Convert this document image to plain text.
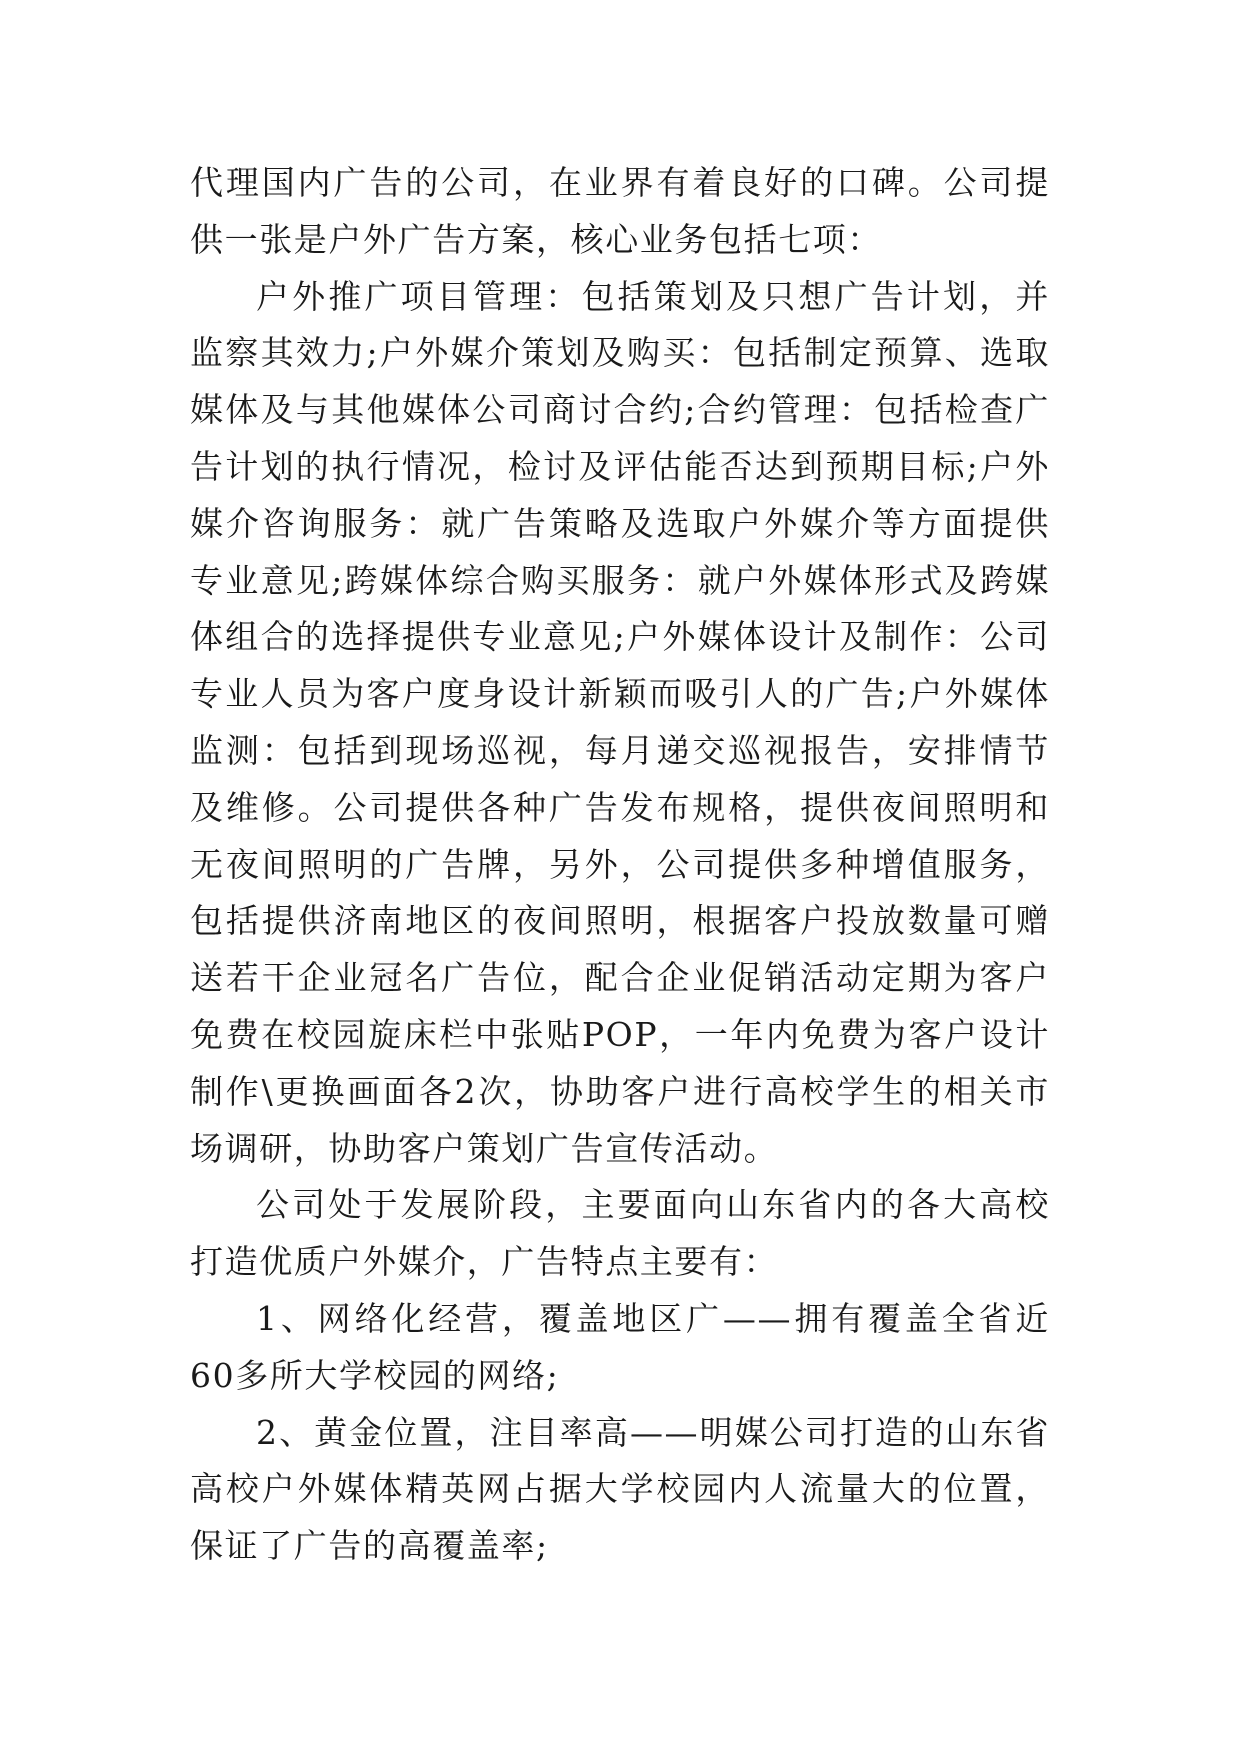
代理国内广告的公司，在业界有着良好的口碑。公司提供一张是户外广告方案，核心业务包括七项：

户外推广项目管理：包括策划及只想广告计划，并监察其效力;户外媒介策划及购买：包括制定预算、选取媒体及与其他媒体公司商讨合约;合约管理：包括检查广告计划的执行情况，检讨及评估能否达到预期目标;户外媒介咨询服务：就广告策略及选取户外媒介等方面提供专业意见;跨媒体综合购买服务：就户外媒体形式及跨媒体组合的选择提供专业意见;户外媒体设计及制作：公司专业人员为客户度身设计新颖而吸引人的广告;户外媒体监测：包括到现场巡视，每月递交巡视报告，安排情节及维修。公司提供各种广告发布规格，提供夜间照明和无夜间照明的广告牌，另外，公司提供多种增值服务，包括提供济南地区的夜间照明，根据客户投放数量可赠送若干企业冠名广告位，配合企业促销活动定期为客户免费在校园旋床栏中张贴POP，一年内免费为客户设计制作\更换画面各2次，协助客户进行高校学生的相关市场调研，协助客户策划广告宣传活动。

公司处于发展阶段，主要面向山东省内的各大高校打造优质户外媒介，广告特点主要有：

1、网络化经营，覆盖地区广——拥有覆盖全省近60多所大学校园的网络;

2、黄金位置，注目率高——明媒公司打造的山东省高校户外媒体精英网占据大学校园内人流量大的位置，保证了广告的高覆盖率;
